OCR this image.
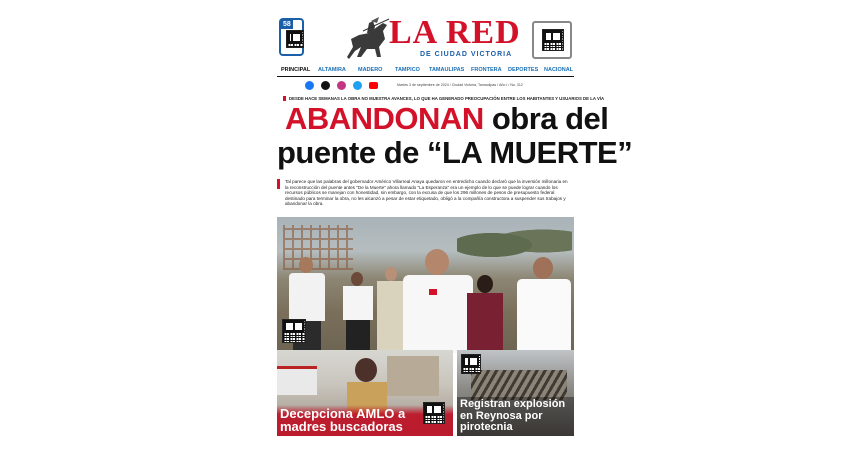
58	LA RED
DE CIUDAD VICTORIA
PRINCIPAL ALTAMIRA MADERO TAMPICO TAMAULIPAS FRONTERA DEPORTES NACIONAL
Martes 3 de septiembre de 2024 / Ciudad Victoria, Tamaulipas / Año I / No. 312
DESDE HACE SEMANAS LA OBRA NO MUESTRA AVANCES, LO QUE HA GENERADO PREOCUPACIÓN ENTRE LOS HABITANTES Y USUARIOS DE LA VÍA
ABANDONAN obra del
puente de “LA MUERTE”
Tal parece que las palabras del gobernador Américo Villarreal Anaya quedaron en entredicho cuando declaró que la inversión millonaria en la reconstrucción del puente antes "De la Muerte" ahora llamado "La Esperanza" era un ejemplo de lo que se puede lograr cuando los recursos públicos se manejan con honestidad, sin embargo, con la excusa de que los 296 millones de pesos de presupuesto federal destinado para terminar la obra, no les alcanzó a pesar de estar etiquetado, obligó a la compañía constructora a suspender sus trabajos y abandonar la obra.
Decepciona AMLO a madres buscadoras
Registran explosión en Reynosa por pirotecnia
